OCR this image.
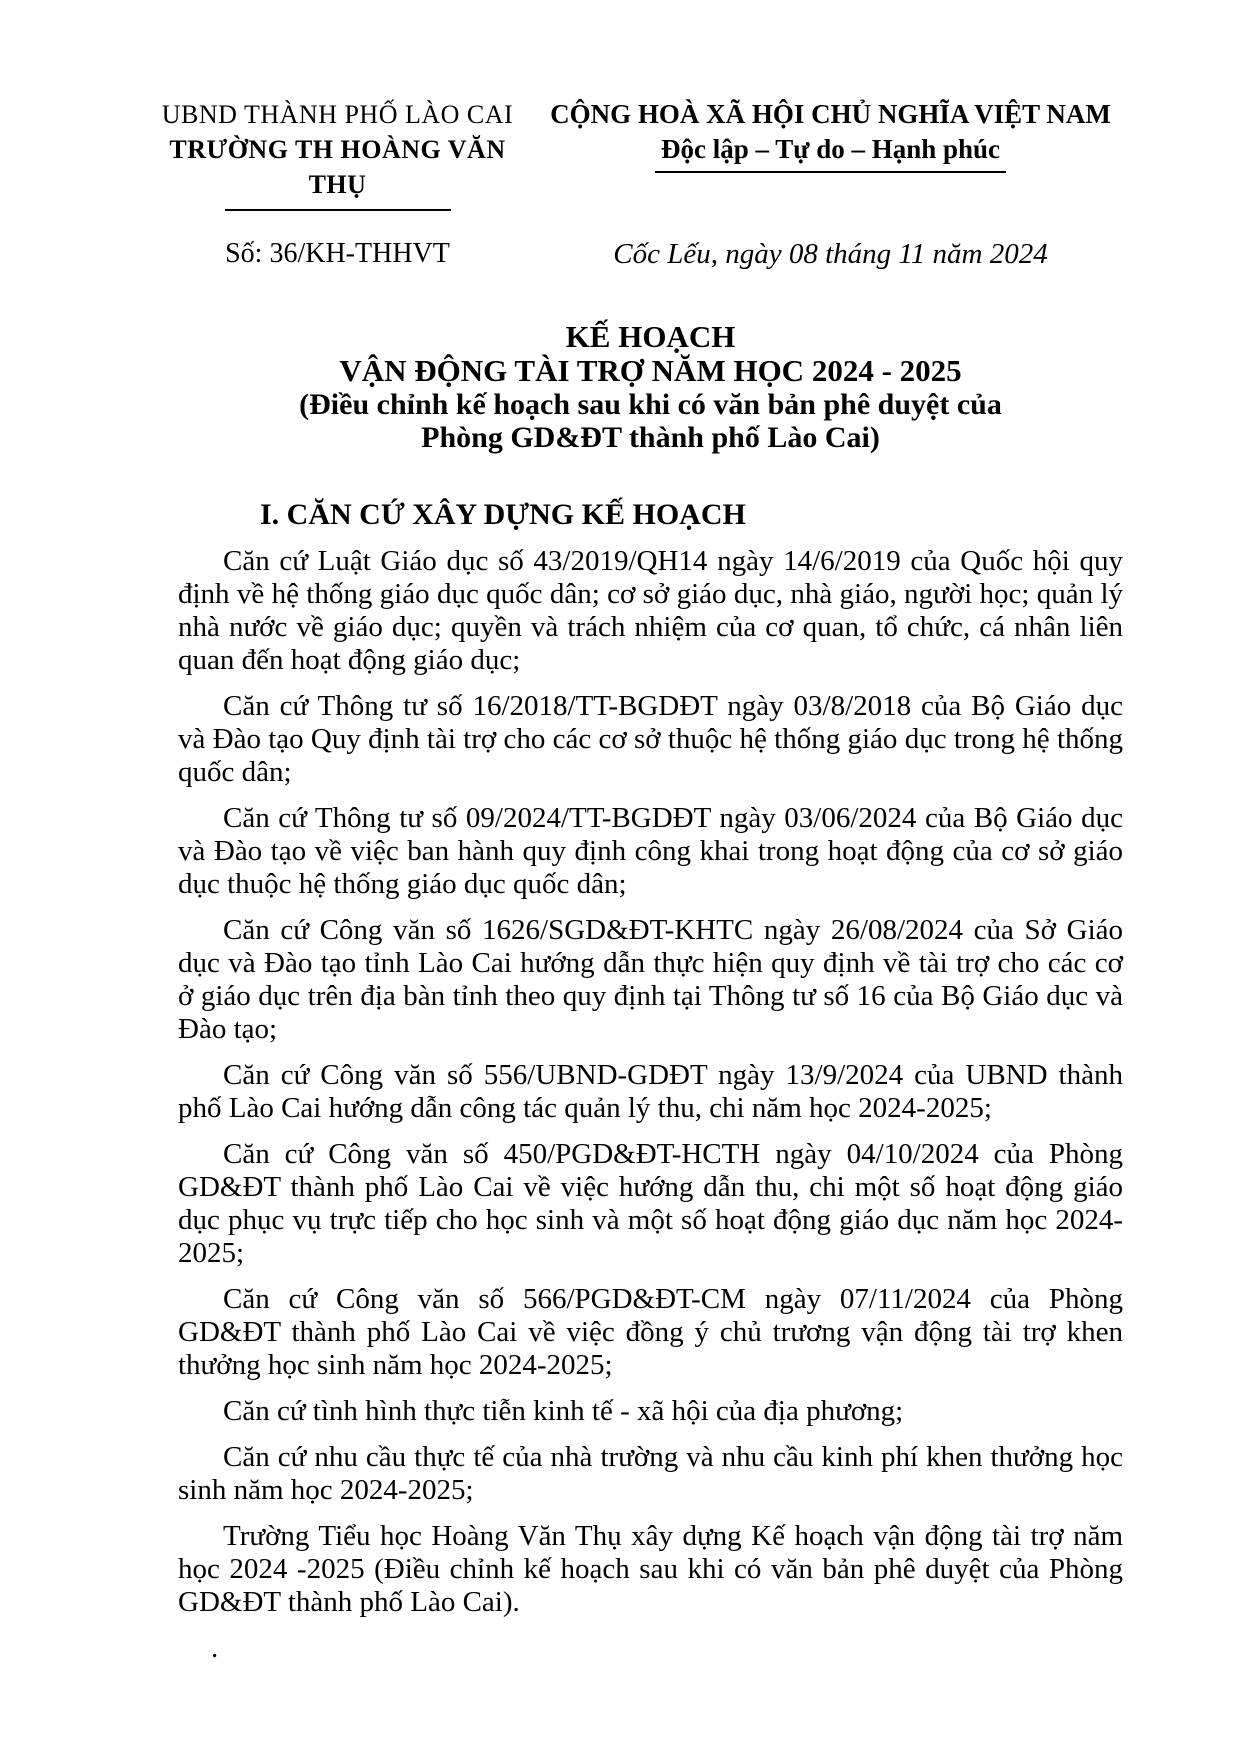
UBND THÀNH PHỐ LÀO CAI
TRƯỜNG TH HOÀNG VĂN THỤ
CỘNG HOÀ XÃ HỘI CHỦ NGHĨA VIỆT NAM
Độc lập – Tự do – Hạnh phúc
Số: 36/KH-THHVT	Cốc Lếu, ngày 08 tháng 11 năm 2024
KẾ HOẠCH
VẬN ĐỘNG TÀI TRỢ NĂM HỌC 2024 - 2025
(Điều chỉnh kế hoạch sau khi có văn bản phê duyệt của
Phòng GD&ĐT thành phố Lào Cai)
I. CĂN CỨ XÂY DỰNG KẾ HOẠCH

Căn cứ Luật Giáo dục số 43/2019/QH14 ngày 14/6/2019 của Quốc hội quy định về hệ thống giáo dục quốc dân; cơ sở giáo dục, nhà giáo, người học; quản lý nhà nước về giáo dục; quyền và trách nhiệm của cơ quan, tổ chức, cá nhân liên quan đến hoạt động giáo dục;

Căn cứ Thông tư số 16/2018/TT-BGDĐT ngày 03/8/2018 của Bộ Giáo dục và Đào tạo Quy định tài trợ cho các cơ sở thuộc hệ thống giáo dục trong hệ thống quốc dân;

Căn cứ Thông tư số 09/2024/TT-BGDĐT ngày 03/06/2024 của Bộ Giáo dục và Đào tạo về việc ban hành quy định công khai trong hoạt động của cơ sở giáo dục thuộc hệ thống giáo dục quốc dân;

Căn cứ Công văn số 1626/SGD&ĐT-KHTC ngày 26/08/2024 của Sở Giáo dục và Đào tạo tỉnh Lào Cai hướng dẫn thực hiện quy định về tài trợ cho các cơ ở giáo dục trên địa bàn tỉnh theo quy định tại Thông tư số 16 của Bộ Giáo dục và Đào tạo;

Căn cứ Công văn số 556/UBND-GDĐT ngày 13/9/2024 của UBND thành phố Lào Cai hướng dẫn công tác quản lý thu, chi năm học 2024-2025;

Căn cứ Công văn số 450/PGD&ĐT-HCTH ngày 04/10/2024 của Phòng GD&ĐT thành phố Lào Cai về việc hướng dẫn thu, chi một số hoạt động giáo dục phục vụ trực tiếp cho học sinh và một số hoạt động giáo dục năm học 2024-2025;

Căn cứ Công văn số 566/PGD&ĐT-CM ngày 07/11/2024 của Phòng GD&ĐT thành phố Lào Cai về việc đồng ý chủ trương vận động tài trợ khen thưởng học sinh năm học 2024-2025;

Căn cứ tình hình thực tiễn kinh tế - xã hội của địa phương;

Căn cứ nhu cầu thực tế của nhà trường và nhu cầu kinh phí khen thưởng học sinh năm học 2024-2025;

Trường Tiểu học Hoàng Văn Thụ xây dựng Kế hoạch vận động tài trợ năm học 2024 -2025 (Điều chỉnh kế hoạch sau khi có văn bản phê duyệt của Phòng GD&ĐT thành phố Lào Cai).

.
